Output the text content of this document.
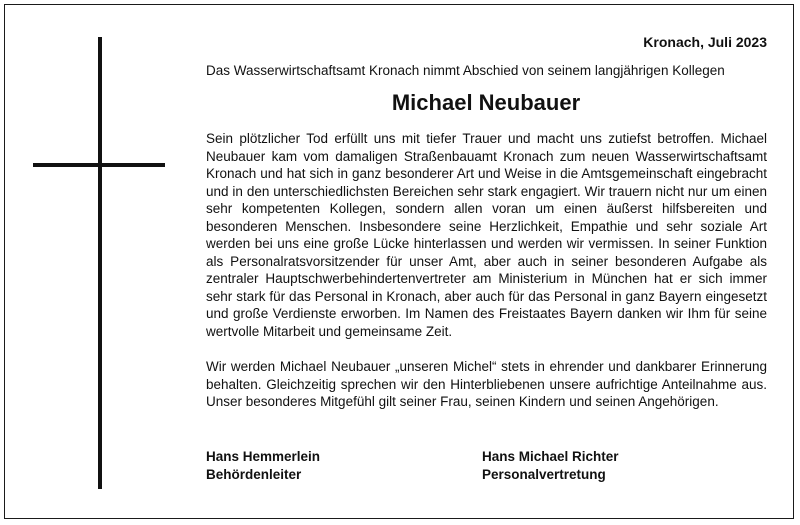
Kronach, Juli 2023
Das Wasserwirtschaftsamt Kronach nimmt Abschied von seinem langjährigen Kollegen
Michael Neubauer

Sein plötzlicher Tod erfüllt uns mit tiefer Trauer und macht uns zutiefst betroffen. Michael Neubauer kam vom damaligen Straßenbauamt Kronach zum neuen Wasserwirtschaftsamt Kronach und hat sich in ganz besonderer Art und Weise in die Amtsgemeinschaft eingebracht und in den unterschiedlichsten Bereichen sehr stark engagiert. Wir trauern nicht nur um einen sehr kompetenten Kollegen, sondern allen voran um einen äußerst hilfsbereiten und besonderen Menschen. Insbesondere seine Herzlichkeit, Empathie und sehr soziale Art werden bei uns eine große Lücke hinterlassen und werden wir vermissen. In seiner Funktion als Personalratsvorsitzender für unser Amt, aber auch in seiner besonderen Aufgabe als zentraler Hauptschwerbehindertenvertreter am Ministerium in München hat er sich immer sehr stark für das Personal in Kronach, aber auch für das Personal in ganz Bayern eingesetzt und große Verdienste erworben. Im Namen des Freistaates Bayern danken wir Ihm für seine wertvolle Mitarbeit und gemeinsame Zeit.

Wir werden Michael Neubauer „unseren Michel“ stets in ehrender und dankbarer Erinnerung behalten. Gleichzeitig sprechen wir den Hinterbliebenen unsere aufrichtige Anteilnahme aus. Unser besonderes Mitgefühl gilt seiner Frau, seinen Kindern und seinen Angehörigen.

Hans Hemmerlein
Behördenleiter
Hans Michael Richter
Personalvertretung
